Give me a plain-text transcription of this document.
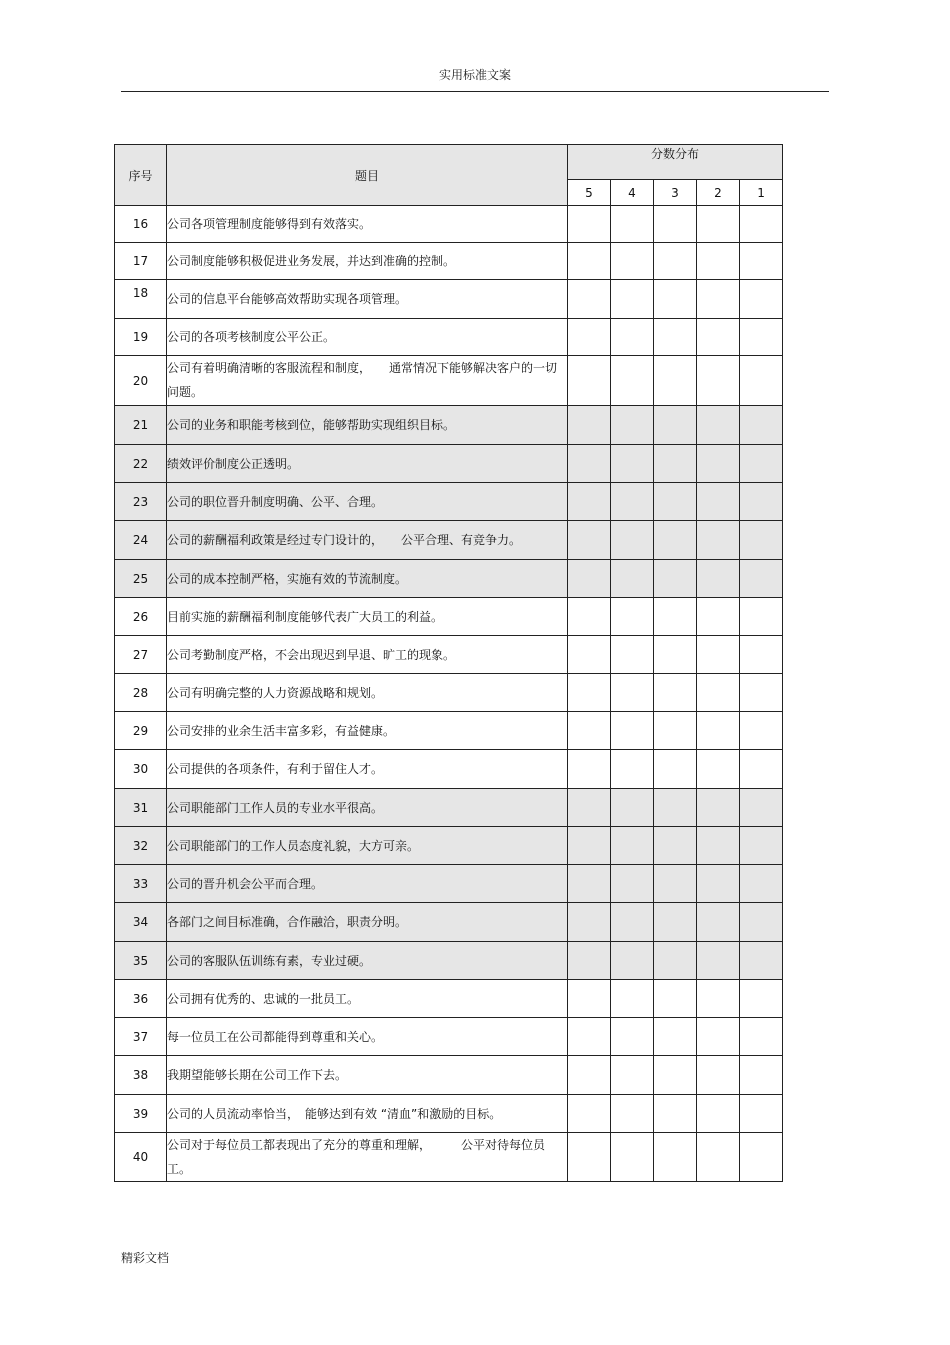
实用标准文案
序号	题目	分数分布				
		5	4	3	2	1
16	公司各项管理制度能够得到有效落实。					
17	公司制度能够积极促进业务发展，并达到准确的控制。					
18	公司的信息平台能够高效帮助实现各项管理。					
19	公司的各项考核制度公平公正。					
20	公司有着明确清晰的客服流程和制度，　　通常情况下能够解决客户的一切问题。					
21	公司的业务和职能考核到位，能够帮助实现组织目标。					
22	绩效评价制度公正透明。					
23	公司的职位晋升制度明确、公平、合理。					
24	公司的薪酬福利政策是经过专门设计的，　　公平合理、有竞争力。					
25	公司的成本控制严格，实施有效的节流制度。					
26	目前实施的薪酬福利制度能够代表广大员工的利益。					
27	公司考勤制度严格，不会出现迟到早退、旷工的现象。					
28	公司有明确完整的人力资源战略和规划。					
29	公司安排的业余生活丰富多彩，有益健康。					
30	公司提供的各项条件，有利于留住人才。					
31	公司职能部门工作人员的专业水平很高。					
32	公司职能部门的工作人员态度礼貌，大方可亲。					
33	公司的晋升机会公平而合理。					
34	各部门之间目标准确，合作融洽，职责分明。					
35	公司的客服队伍训练有素，专业过硬。					
36	公司拥有优秀的、忠诚的一批员工。					
37	每一位员工在公司都能得到尊重和关心。					
38	我期望能够长期在公司工作下去。					
39	公司的人员流动率恰当，　能够达到有效 “清血”和激励的目标。					
40	公司对于每位员工都表现出了充分的尊重和理解，　　　公平对待每位员工。					
精彩文档
